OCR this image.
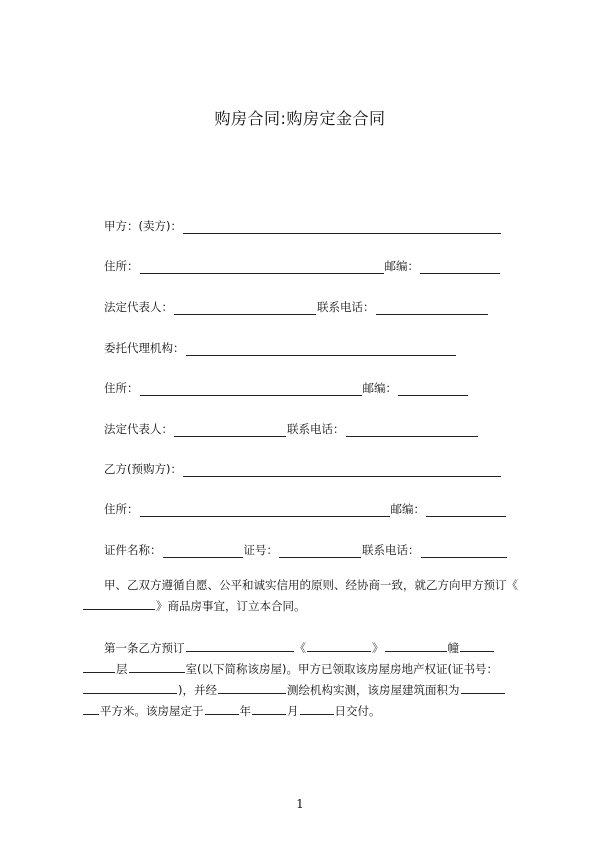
购房合同:购房定金合同
甲方：(卖方)：
住所：	邮编：
法定代表人：	联系电话：
委托代理机构：
住所：	邮编：
法定代表人：	联系电话：
乙方(预购方)：
住所：	邮编：
证件名称：	证号：	联系电话：
甲、乙双方遵循自愿、公平和诚实信用的原则、经协商一致，就乙方向甲方预订《》商品房事宜，订立本合同。
第一条乙方预订	《	》	幢
层	室(以下简称该房屋)。甲方已领取该房屋房地产权证(证书号：
)，并经	测绘机构实测，该房屋建筑面积为
平方米。该房屋定于	年	月	日交付。
1
